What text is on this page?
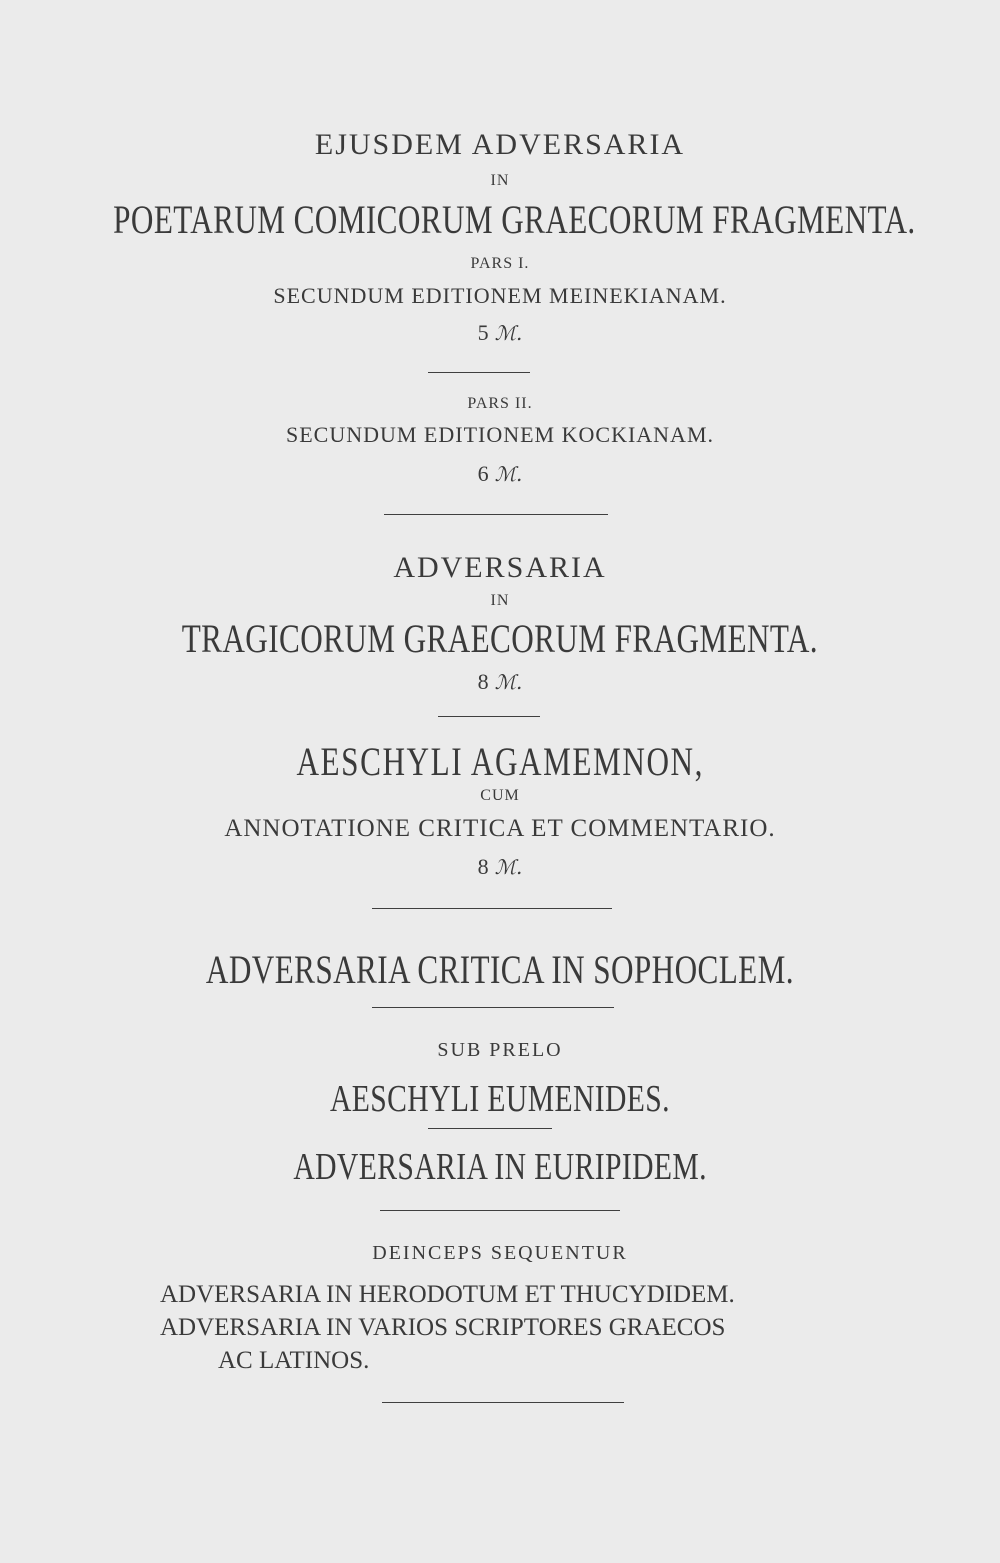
EJUSDEM ADVERSARIA
IN
POETARUM COMICORUM GRAECORUM FRAGMENTA.
PARS I.
SECUNDUM EDITIONEM MEINEKIANAM.
5 ℳ.
PARS II.
SECUNDUM EDITIONEM KOCKIANAM.
6 ℳ.
ADVERSARIA
IN
TRAGICORUM GRAECORUM FRAGMENTA.
8 ℳ.
AESCHYLI AGAMEMNON,
CUM
ANNOTATIONE CRITICA ET COMMENTARIO.
8 ℳ.
ADVERSARIA CRITICA IN SOPHOCLEM.
SUB PRELO
AESCHYLI EUMENIDES.
ADVERSARIA IN EURIPIDEM.
DEINCEPS SEQUENTUR
ADVERSARIA IN HERODOTUM ET THUCYDIDEM.
ADVERSARIA IN VARIOS SCRIPTORES GRAECOS
AC LATINOS.
